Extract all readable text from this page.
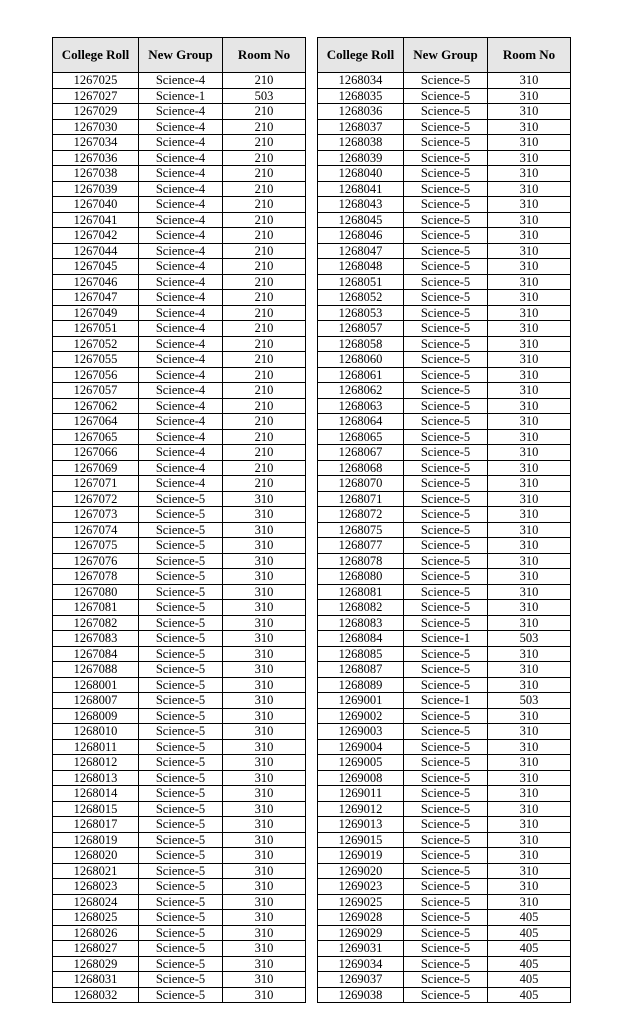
College Roll	New Group	Room No
1267025	Science-4	210
1267027	Science-1	503
1267029	Science-4	210
1267030	Science-4	210
1267034	Science-4	210
1267036	Science-4	210
1267038	Science-4	210
1267039	Science-4	210
1267040	Science-4	210
1267041	Science-4	210
1267042	Science-4	210
1267044	Science-4	210
1267045	Science-4	210
1267046	Science-4	210
1267047	Science-4	210
1267049	Science-4	210
1267051	Science-4	210
1267052	Science-4	210
1267055	Science-4	210
1267056	Science-4	210
1267057	Science-4	210
1267062	Science-4	210
1267064	Science-4	210
1267065	Science-4	210
1267066	Science-4	210
1267069	Science-4	210
1267071	Science-4	210
1267072	Science-5	310
1267073	Science-5	310
1267074	Science-5	310
1267075	Science-5	310
1267076	Science-5	310
1267078	Science-5	310
1267080	Science-5	310
1267081	Science-5	310
1267082	Science-5	310
1267083	Science-5	310
1267084	Science-5	310
1267088	Science-5	310
1268001	Science-5	310
1268007	Science-5	310
1268009	Science-5	310
1268010	Science-5	310
1268011	Science-5	310
1268012	Science-5	310
1268013	Science-5	310
1268014	Science-5	310
1268015	Science-5	310
1268017	Science-5	310
1268019	Science-5	310
1268020	Science-5	310
1268021	Science-5	310
1268023	Science-5	310
1268024	Science-5	310
1268025	Science-5	310
1268026	Science-5	310
1268027	Science-5	310
1268029	Science-5	310
1268031	Science-5	310
1268032	Science-5	310
College Roll	New Group	Room No
1268034	Science-5	310
1268035	Science-5	310
1268036	Science-5	310
1268037	Science-5	310
1268038	Science-5	310
1268039	Science-5	310
1268040	Science-5	310
1268041	Science-5	310
1268043	Science-5	310
1268045	Science-5	310
1268046	Science-5	310
1268047	Science-5	310
1268048	Science-5	310
1268051	Science-5	310
1268052	Science-5	310
1268053	Science-5	310
1268057	Science-5	310
1268058	Science-5	310
1268060	Science-5	310
1268061	Science-5	310
1268062	Science-5	310
1268063	Science-5	310
1268064	Science-5	310
1268065	Science-5	310
1268067	Science-5	310
1268068	Science-5	310
1268070	Science-5	310
1268071	Science-5	310
1268072	Science-5	310
1268075	Science-5	310
1268077	Science-5	310
1268078	Science-5	310
1268080	Science-5	310
1268081	Science-5	310
1268082	Science-5	310
1268083	Science-5	310
1268084	Science-1	503
1268085	Science-5	310
1268087	Science-5	310
1268089	Science-5	310
1269001	Science-1	503
1269002	Science-5	310
1269003	Science-5	310
1269004	Science-5	310
1269005	Science-5	310
1269008	Science-5	310
1269011	Science-5	310
1269012	Science-5	310
1269013	Science-5	310
1269015	Science-5	310
1269019	Science-5	310
1269020	Science-5	310
1269023	Science-5	310
1269025	Science-5	310
1269028	Science-5	405
1269029	Science-5	405
1269031	Science-5	405
1269034	Science-5	405
1269037	Science-5	405
1269038	Science-5	405
